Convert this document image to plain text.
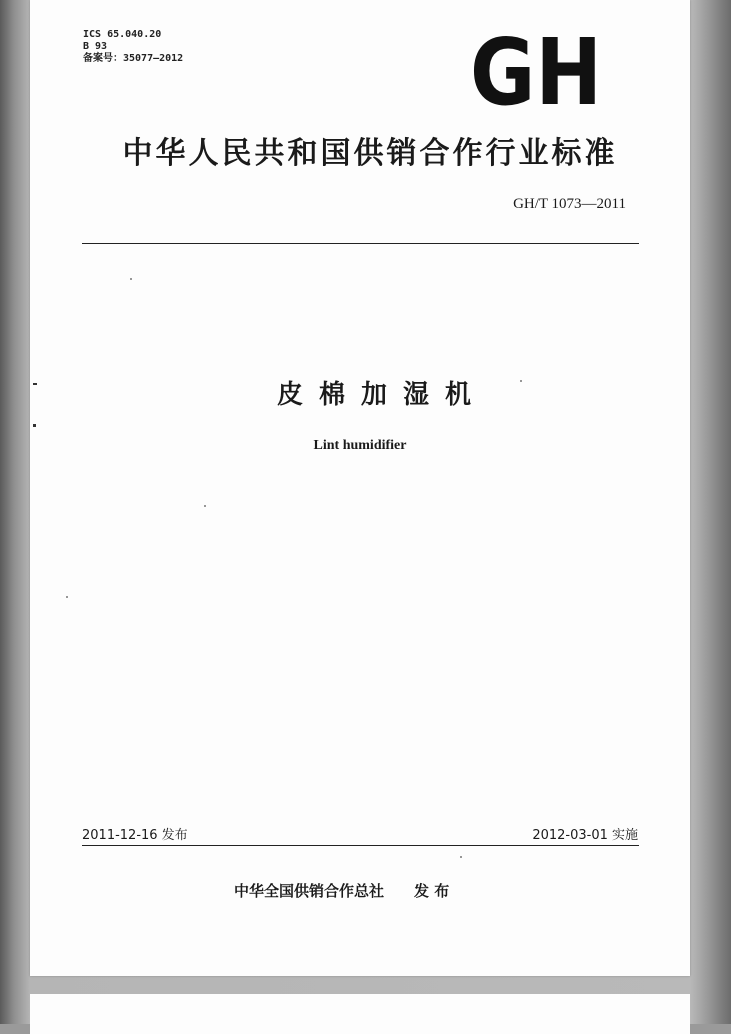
ICS 65.040.20
B 93
备案号：35077—2012	GH
中华人民共和国供销合作行业标准
GH/T 1073—2011
皮棉加湿机
Lint humidifier
2011-12-16 发布	2012-03-01 实施
中华全国供销合作总社 发 布
